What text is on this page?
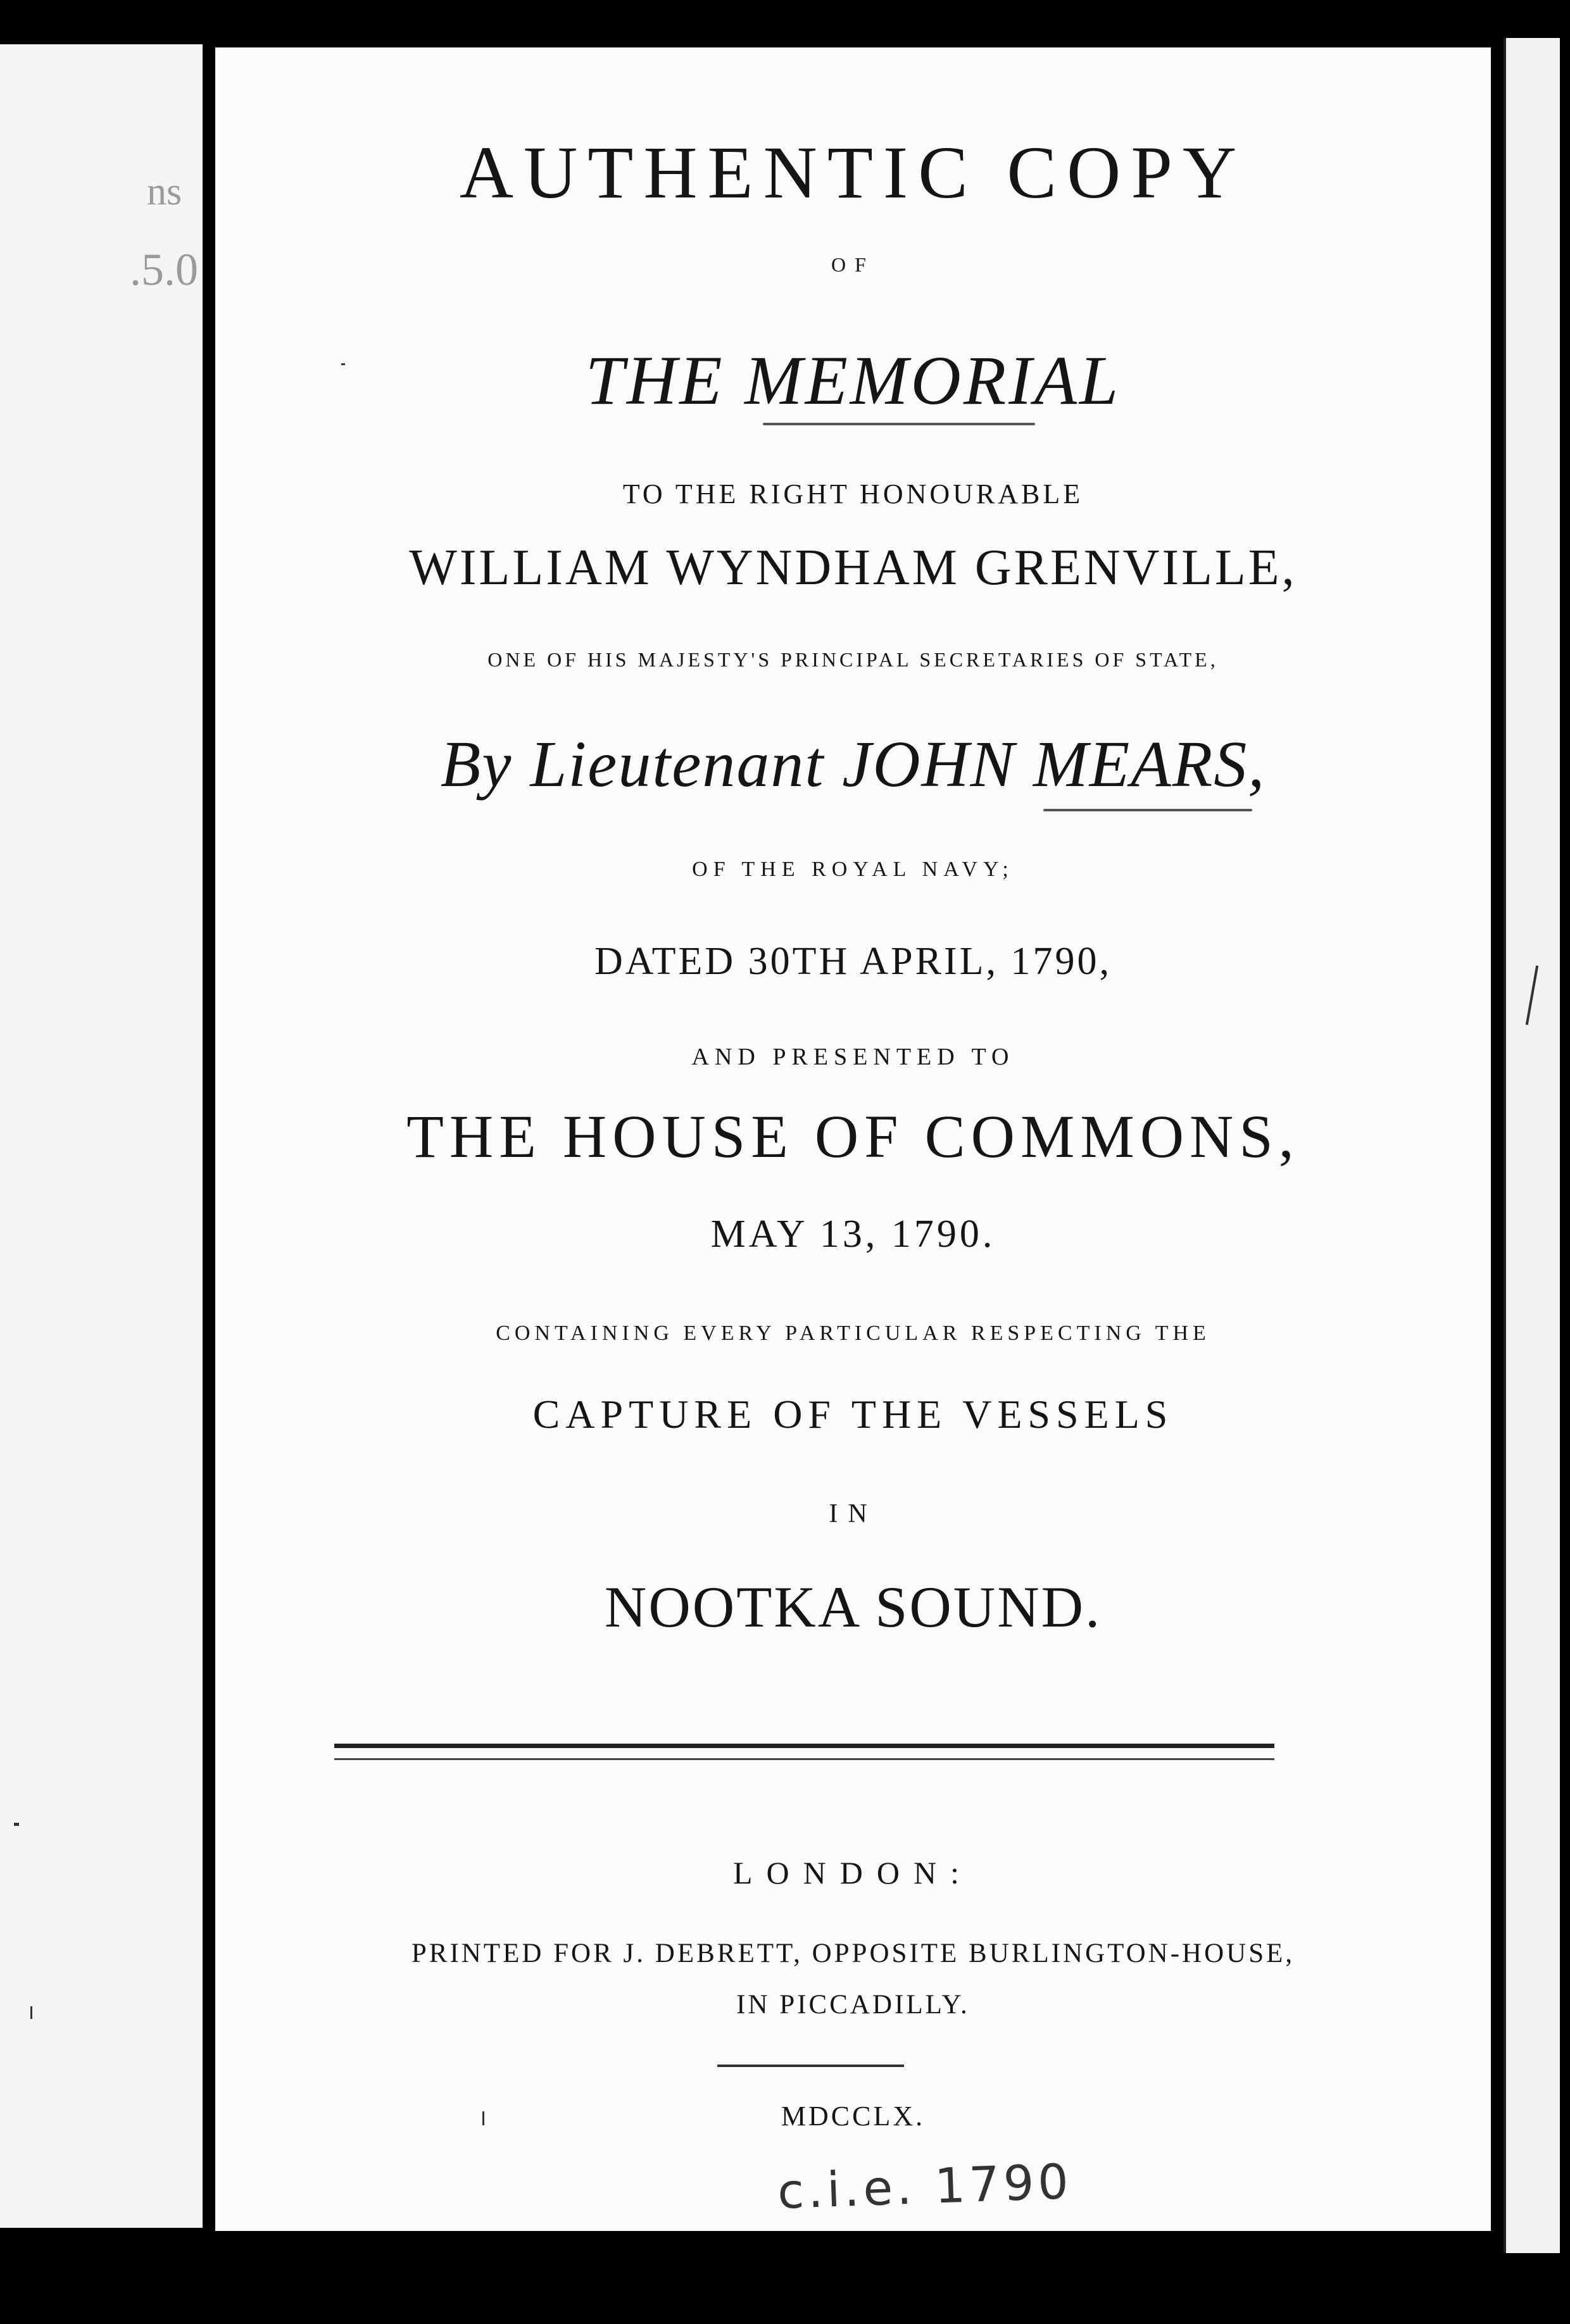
ns
.5.0
AUTHENTIC COPY
OF
THE MEMORIAL
TO THE RIGHT HONOURABLE
WILLIAM WYNDHAM GRENVILLE,
ONE OF HIS MAJESTY'S PRINCIPAL SECRETARIES OF STATE,
By Lieutenant JOHN MEARS,
OF THE ROYAL NAVY;
DATED 30TH APRIL, 1790,
AND PRESENTED TO
THE HOUSE OF COMMONS,
MAY 13, 1790.
CONTAINING EVERY PARTICULAR RESPECTING THE
CAPTURE OF THE VESSELS
IN
NOOTKA SOUND.
LONDON:
PRINTED FOR J. DEBRETT, OPPOSITE BURLINGTON-HOUSE,
IN PICCADILLY.
MDCCLX.
c.i.e. 1790
